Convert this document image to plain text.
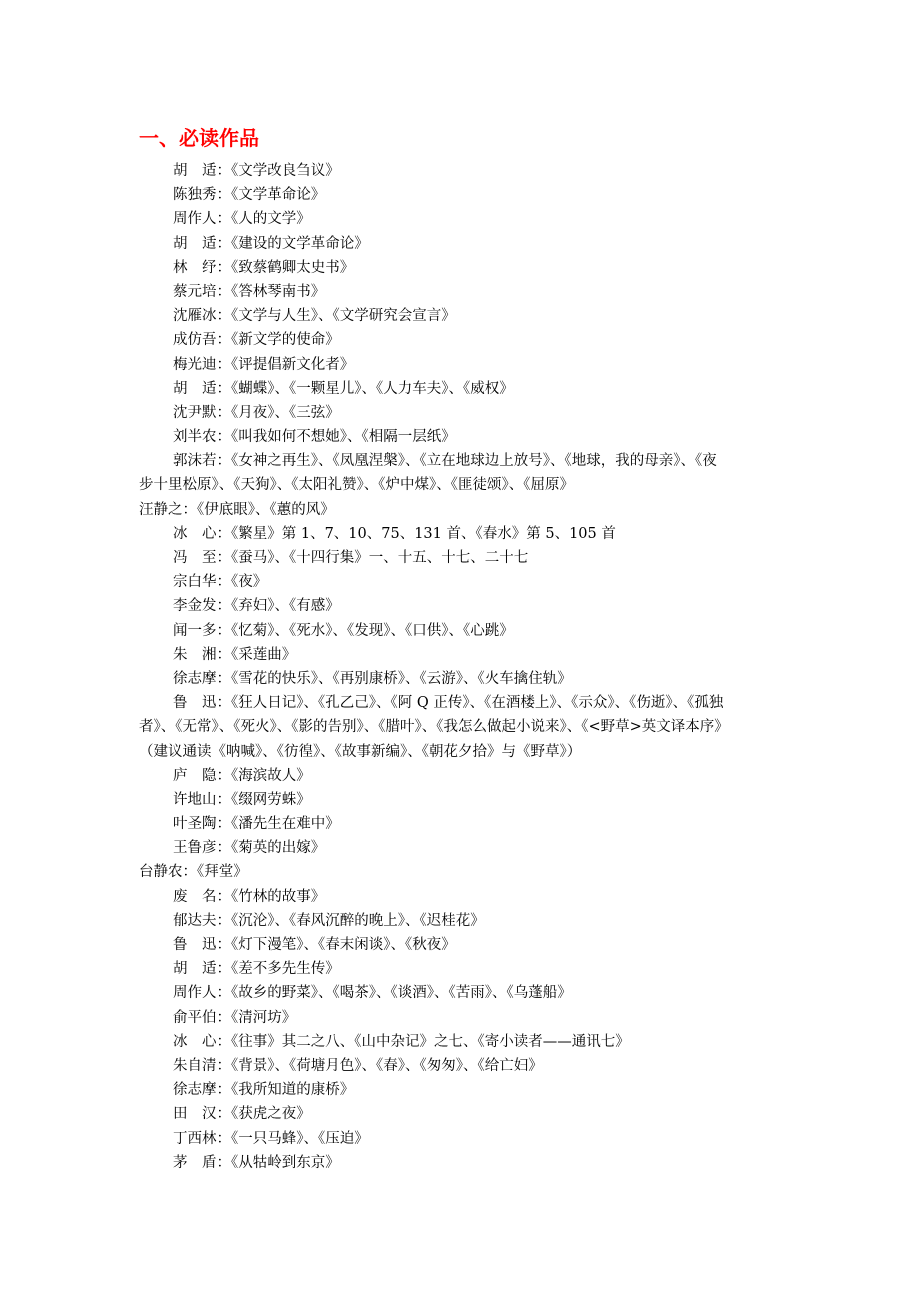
一、必读作品
胡　适：《文学改良刍议》
陈独秀：《文学革命论》
周作人：《人的文学》
胡　适：《建设的文学革命论》
林　纾：《致蔡鹤卿太史书》
蔡元培：《答林琴南书》
沈雁冰：《文学与人生》、《文学研究会宣言》
成仿吾：《新文学的使命》
梅光迪：《评提倡新文化者》
胡　适：《蝴蝶》、《一颗星儿》、《人力车夫》、《威权》
沈尹默：《月夜》、《三弦》
刘半农：《叫我如何不想她》、《相隔一层纸》
郭沫若：《女神之再生》、《凤凰涅槃》、《立在地球边上放号》、《地球，我的母亲》、《夜
步十里松原》、《天狗》、《太阳礼赞》、《炉中煤》、《匪徒颂》、《屈原》
汪静之：《伊底眼》、《蕙的风》
冰　心：《繁星》第 1、7、10、75、131 首、《春水》第 5、105 首
冯　至：《蚕马》、《十四行集》一、十五、十七、二十七
宗白华：《夜》
李金发：《弃妇》、《有感》
闻一多：《忆菊》、《死水》、《发现》、《口供》、《心跳》
朱　湘：《采莲曲》
徐志摩：《雪花的快乐》、《再别康桥》、《云游》、《火车擒住轨》
鲁　迅：《狂人日记》、《孔乙己》、《阿 Q 正传》、《在酒楼上》、《示众》、《伤逝》、《孤独
者》、《无常》、《死火》、《影的告别》、《腊叶》、《我怎么做起小说来》、《<野草>英文译本序》
（建议通读《呐喊》、《彷徨》、《故事新编》、《朝花夕拾》与《野草》）
庐　隐：《海滨故人》
许地山：《缀网劳蛛》
叶圣陶：《潘先生在难中》
王鲁彦：《菊英的出嫁》
台静农：《拜堂》
废　名：《竹林的故事》
郁达夫：《沉沦》、《春风沉醉的晚上》、《迟桂花》
鲁　迅：《灯下漫笔》、《春末闲谈》、《秋夜》
胡　适：《差不多先生传》
周作人：《故乡的野菜》、《喝茶》、《谈酒》、《苦雨》、《乌蓬船》
俞平伯：《清河坊》
冰　心：《往事》其二之八、《山中杂记》之七、《寄小读者——通讯七》
朱自清：《背景》、《荷塘月色》、《春》、《匆匆》、《给亡妇》
徐志摩：《我所知道的康桥》
田　汉：《获虎之夜》
丁西林：《一只马蜂》、《压迫》
茅　盾：《从牯岭到东京》
